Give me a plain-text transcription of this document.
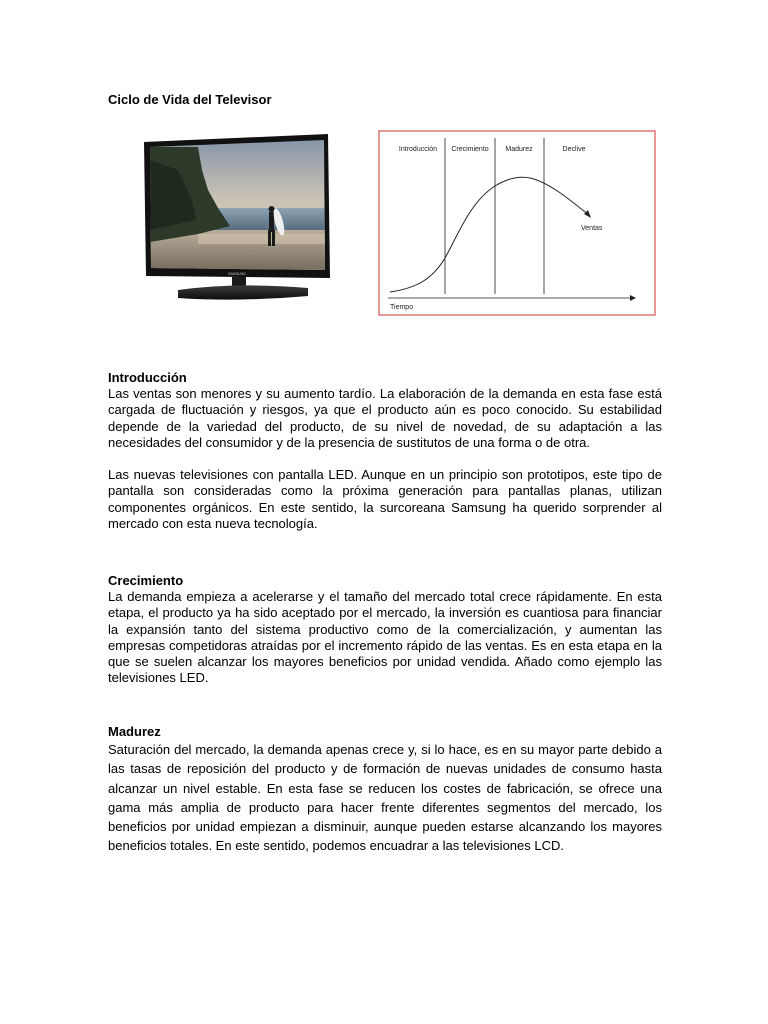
Ciclo de Vida del Televisor
SAMSUNG
Introducción Crecimiento Madurez	Declive
Ventas
Tiempo
Introducción

Las ventas son menores y su aumento tardío. La elaboración de la demanda en esta fase está cargada de fluctuación y riesgos, ya que el producto aún es poco conocido. Su estabilidad depende de la variedad del producto, de su nivel de novedad, de su adaptación a las necesidades del consumidor y de la presencia de sustitutos de una forma o de otra.

Las nuevas televisiones con pantalla LED. Aunque en un principio son prototipos, este tipo de pantalla son consideradas como la próxima generación para pantallas planas, utilizan componentes orgánicos. En este sentido, la surcoreana Samsung ha querido sorprender al mercado con esta nueva tecnología.

Crecimiento

La demanda empieza a acelerarse y el tamaño del mercado total crece rápidamente. En esta etapa, el producto ya ha sido aceptado por el mercado, la inversión es cuantiosa para financiar la expansión tanto del sistema productivo como de la comercialización, y aumentan las empresas competidoras atraídas por el incremento rápido de las ventas. Es en esta etapa en la que se suelen alcanzar los mayores beneficios por unidad vendida. Añado como ejemplo las televisiones LED.

Madurez

Saturación del mercado, la demanda apenas crece y, si lo hace, es en su mayor parte debido a las tasas de reposición del producto y de formación de nuevas unidades de consumo hasta alcanzar un nivel estable. En esta fase se reducen los costes de fabricación, se ofrece una gama más amplia de producto para hacer frente diferentes segmentos del mercado, los beneficios por unidad empiezan a disminuir, aunque pueden estarse alcanzando los mayores beneficios totales. En este sentido, podemos encuadrar a las televisiones LCD.
